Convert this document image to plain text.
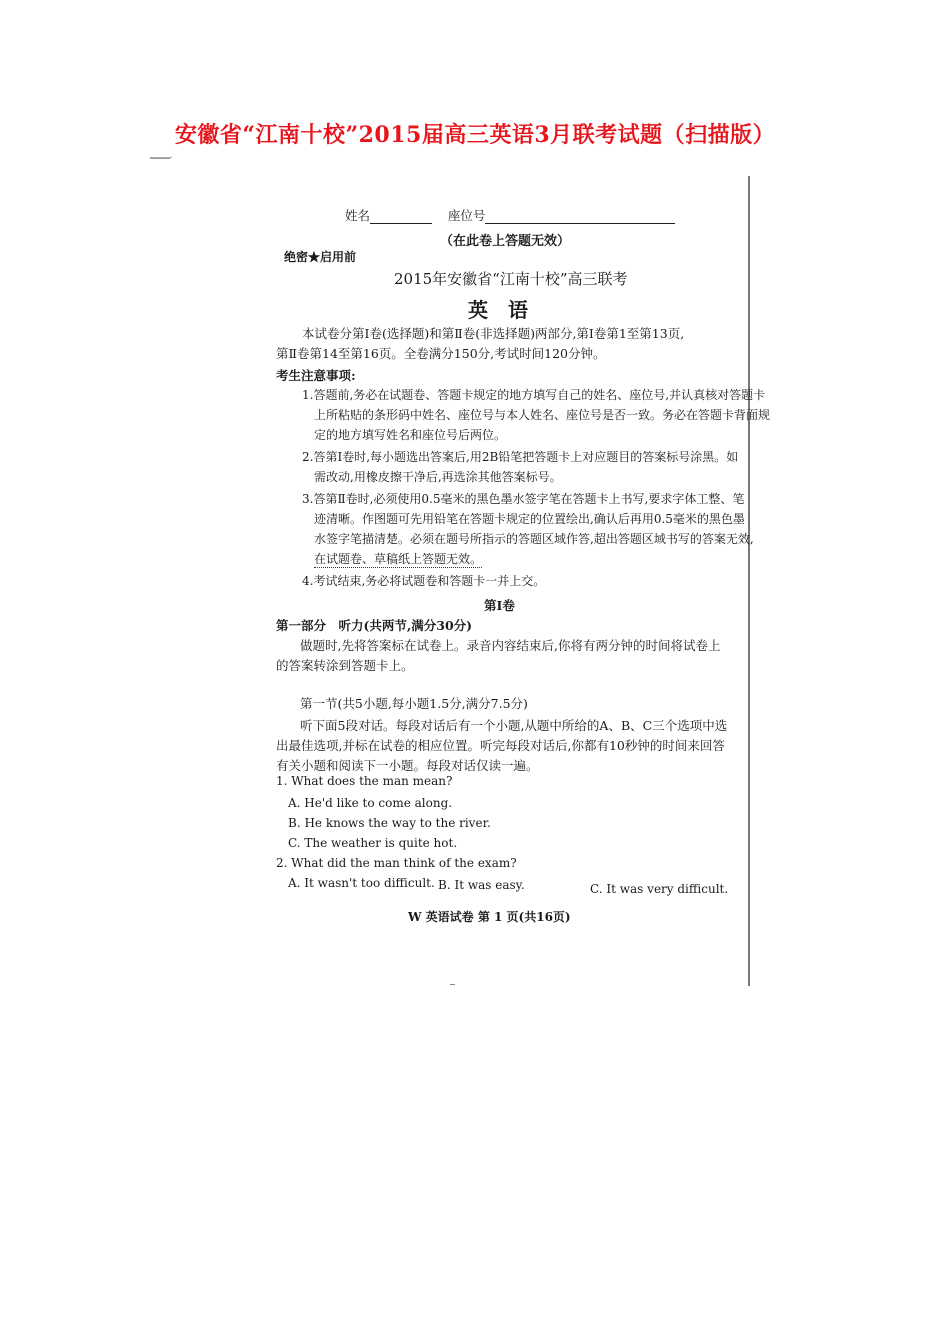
安徽省“江南十校”2015届高三英语3月联考试题（扫描版）
姓名	座位号
（在此卷上答题无效）
绝密★启用前
2015年安徽省“江南十校”高三联考
英　语
本试卷分第Ⅰ卷(选择题)和第Ⅱ卷(非选择题)两部分,第Ⅰ卷第1至第13页,
第Ⅱ卷第14至第16页。全卷满分150分,考试时间120分钟。
考生注意事项:
1.答题前,务必在试题卷、答题卡规定的地方填写自己的姓名、座位号,并认真核对答题卡
上所粘贴的条形码中姓名、座位号与本人姓名、座位号是否一致。务必在答题卡背面规
定的地方填写姓名和座位号后两位。
2.答第Ⅰ卷时,每小题选出答案后,用2B铅笔把答题卡上对应题目的答案标号涂黑。如
需改动,用橡皮擦干净后,再选涂其他答案标号。
3.答第Ⅱ卷时,必须使用0.5毫米的黑色墨水签字笔在答题卡上书写,要求字体工整、笔
迹清晰。作图题可先用铅笔在答题卡规定的位置绘出,确认后再用0.5毫米的黑色墨
水签字笔描清楚。必须在题号所指示的答题区域作答,超出答题区域书写的答案无效,
在试题卷、草稿纸上答题无效。
4.考试结束,务必将试题卷和答题卡一并上交。
第Ⅰ卷
第一部分　听力(共两节,满分30分)
做题时,先将答案标在试卷上。录音内容结束后,你将有两分钟的时间将试卷上
的答案转涂到答题卡上。
第一节(共5小题,每小题1.5分,满分7.5分)
听下面5段对话。每段对话后有一个小题,从题中所给的A、B、C三个选项中选
出最佳选项,并标在试卷的相应位置。听完每段对话后,你都有10秒钟的时间来回答
有关小题和阅读下一小题。每段对话仅读一遍。
1. What does the man mean?
A. He'd like to come along.
B. He knows the way to the river.
C. The weather is quite hot.
2. What did the man think of the exam?
A. It wasn't too difficult. B. It was easy.	C. It was very difficult.
W 英语试卷 第 1 页(共16页)
